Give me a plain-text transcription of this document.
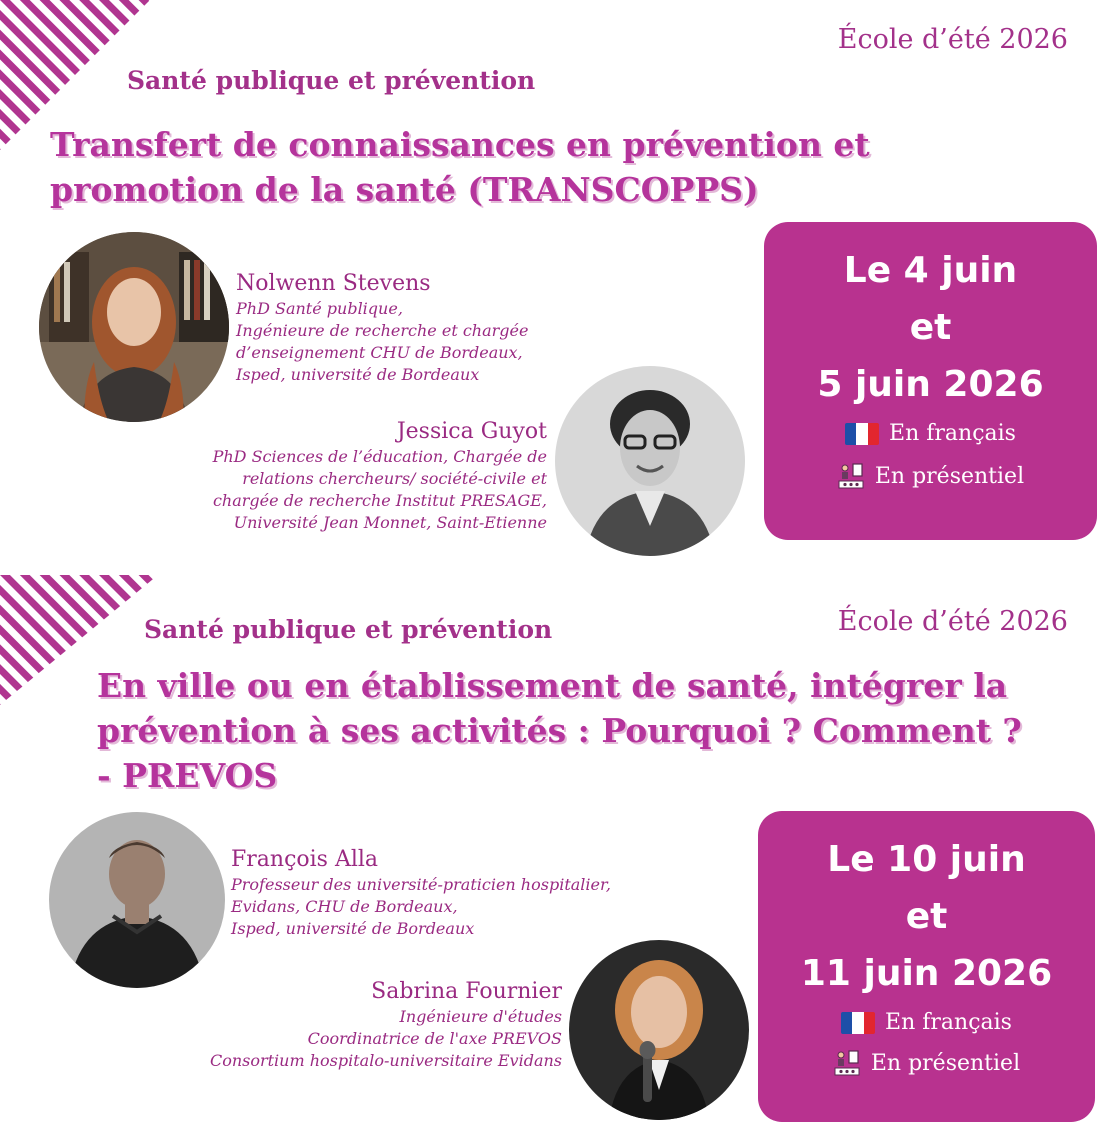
École d’été 2026
Santé publique et prévention
Transfert de connaissances en prévention et
promotion de la santé (TRANSCOPPS)
Nolwenn Stevens
PhD Santé publique,
Ingénieure de recherche et chargée
d’enseignement CHU de Bordeaux,
Isped, université de Bordeaux
Jessica Guyot
PhD Sciences de l’éducation, Chargée de
relations chercheurs/ société-civile et
chargée de recherche Institut PRESAGE,
Université Jean Monnet, Saint-Etienne
Le 4 juin
et
5 juin 2026
En français
En présentiel
École d’été 2026
Santé publique et prévention
En ville ou en établissement de santé, intégrer la
prévention à ses activités : Pourquoi ? Comment ?
- PREVOS
François Alla
Professeur des université-praticien hospitalier,
Evidans, CHU de Bordeaux,
Isped, université de Bordeaux
Sabrina Fournier
Ingénieure d'études
Coordinatrice de l'axe PREVOS
Consortium hospitalo-universitaire Evidans
Le 10 juin
et
11 juin 2026
En français
En présentiel
